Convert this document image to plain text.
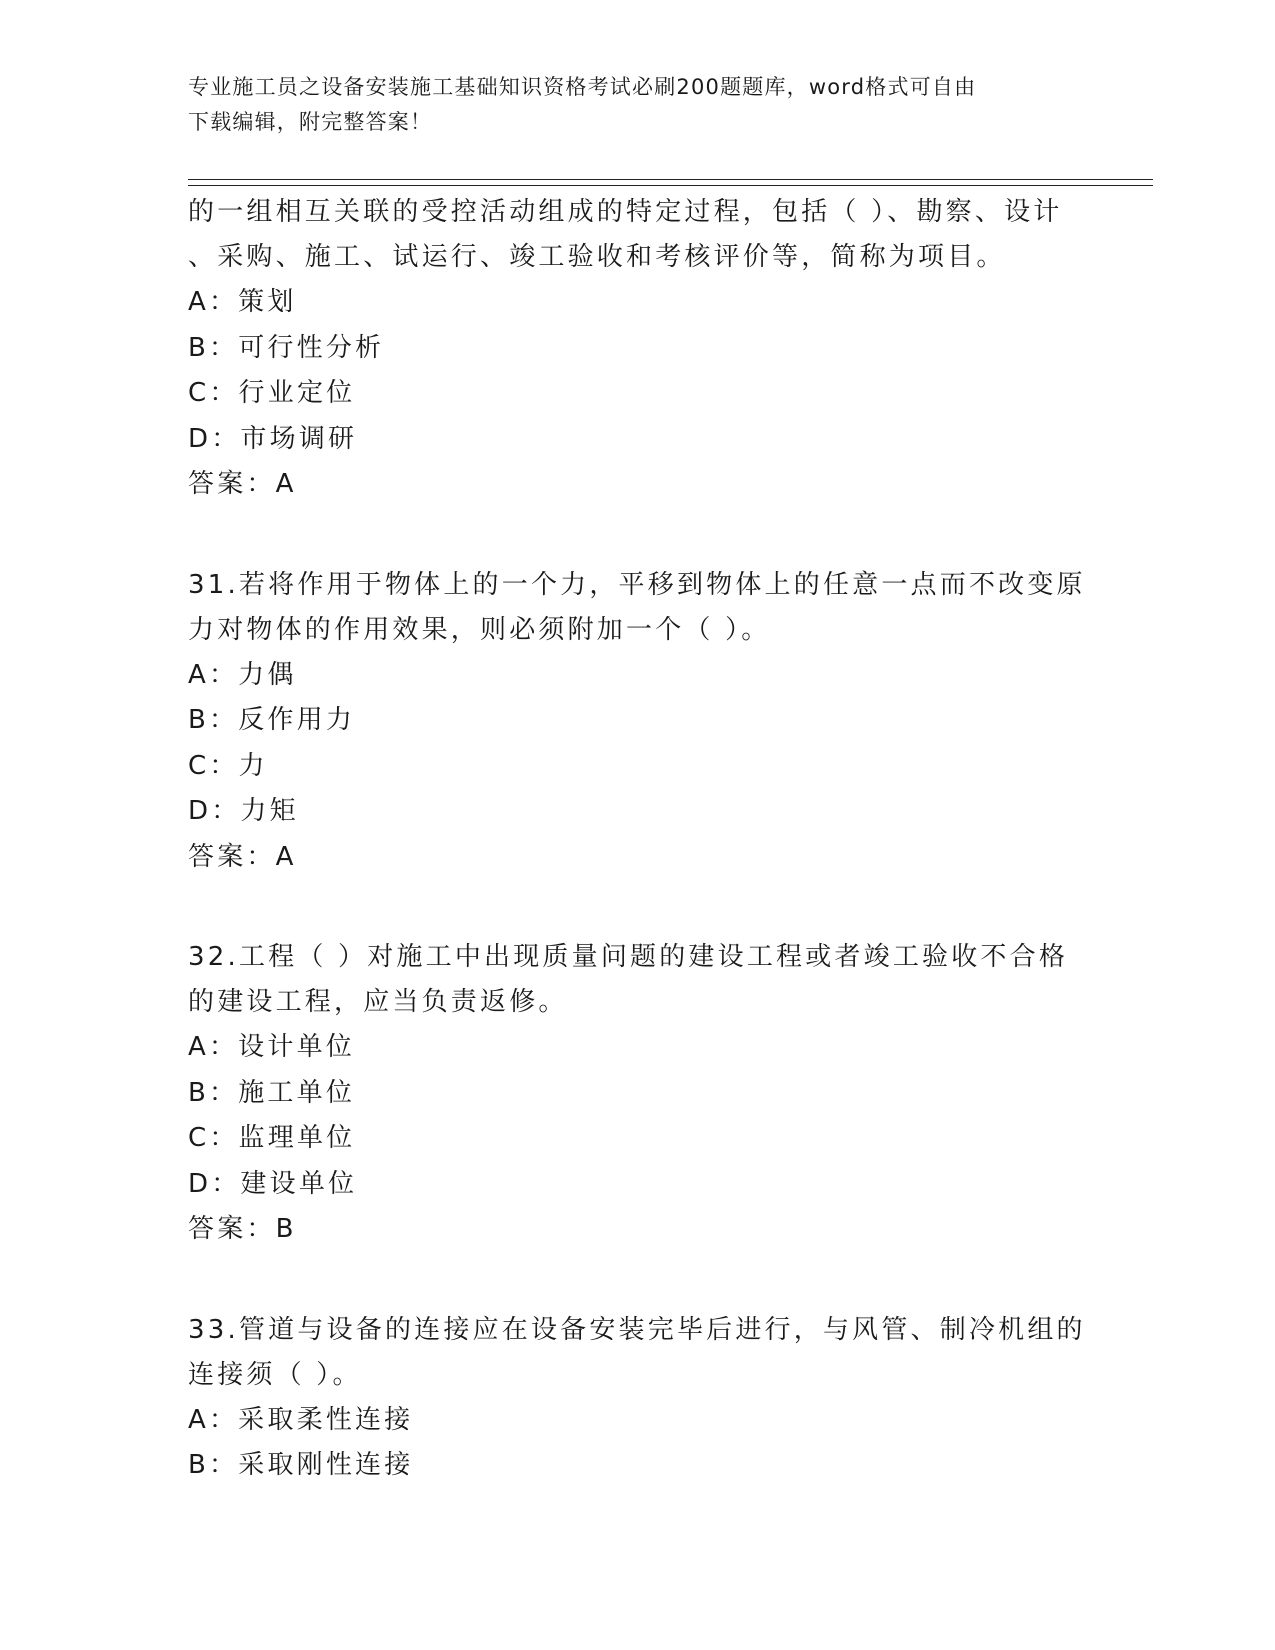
专业施工员之设备安装施工基础知识资格考试必刷200题题库，word格式可自由
下载编辑，附完整答案！
的一组相互关联的受控活动组成的特定过程，包括（ ）、勘察、设计
、采购、施工、试运行、竣工验收和考核评价等，简称为项目。
A：策划
B：可行性分析
C：行业定位
D：市场调研
答案：A
31.若将作用于物体上的一个力，平移到物体上的任意一点而不改变原
力对物体的作用效果，则必须附加一个（ ）。
A：力偶
B：反作用力
C：力
D：力矩
答案：A
32.工程（ ）对施工中出现质量问题的建设工程或者竣工验收不合格
的建设工程，应当负责返修。
A：设计单位
B：施工单位
C：监理单位
D：建设单位
答案：B
33.管道与设备的连接应在设备安装完毕后进行，与风管、制冷机组的
连接须（ ）。
A：采取柔性连接
B：采取刚性连接
